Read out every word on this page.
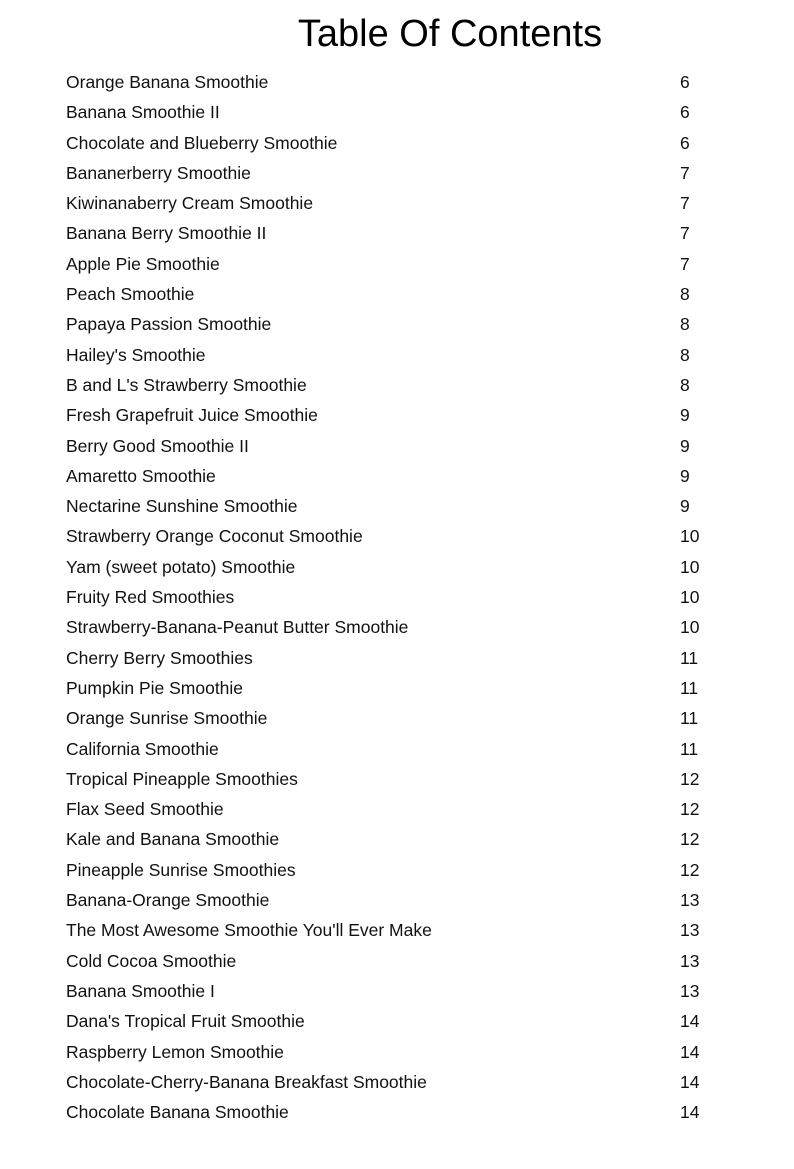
Table Of Contents
Orange Banana Smoothie	6
Banana Smoothie II	6
Chocolate and Blueberry Smoothie	6
Bananerberry Smoothie	7
Kiwinanaberry Cream Smoothie	7
Banana Berry Smoothie II	7
Apple Pie Smoothie	7
Peach Smoothie	8
Papaya Passion Smoothie	8
Hailey's Smoothie	8
B and L's Strawberry Smoothie	8
Fresh Grapefruit Juice Smoothie	9
Berry Good Smoothie II	9
Amaretto Smoothie	9
Nectarine Sunshine Smoothie	9
Strawberry Orange Coconut Smoothie	10
Yam (sweet potato) Smoothie	10
Fruity Red Smoothies	10
Strawberry-Banana-Peanut Butter Smoothie	10
Cherry Berry Smoothies	11
Pumpkin Pie Smoothie	11
Orange Sunrise Smoothie	11
California Smoothie	11
Tropical Pineapple Smoothies	12
Flax Seed Smoothie	12
Kale and Banana Smoothie	12
Pineapple Sunrise Smoothies	12
Banana-Orange Smoothie	13
The Most Awesome Smoothie You'll Ever Make	13
Cold Cocoa Smoothie	13
Banana Smoothie I	13
Dana's Tropical Fruit Smoothie	14
Raspberry Lemon Smoothie	14
Chocolate-Cherry-Banana Breakfast Smoothie	14
Chocolate Banana Smoothie	14
